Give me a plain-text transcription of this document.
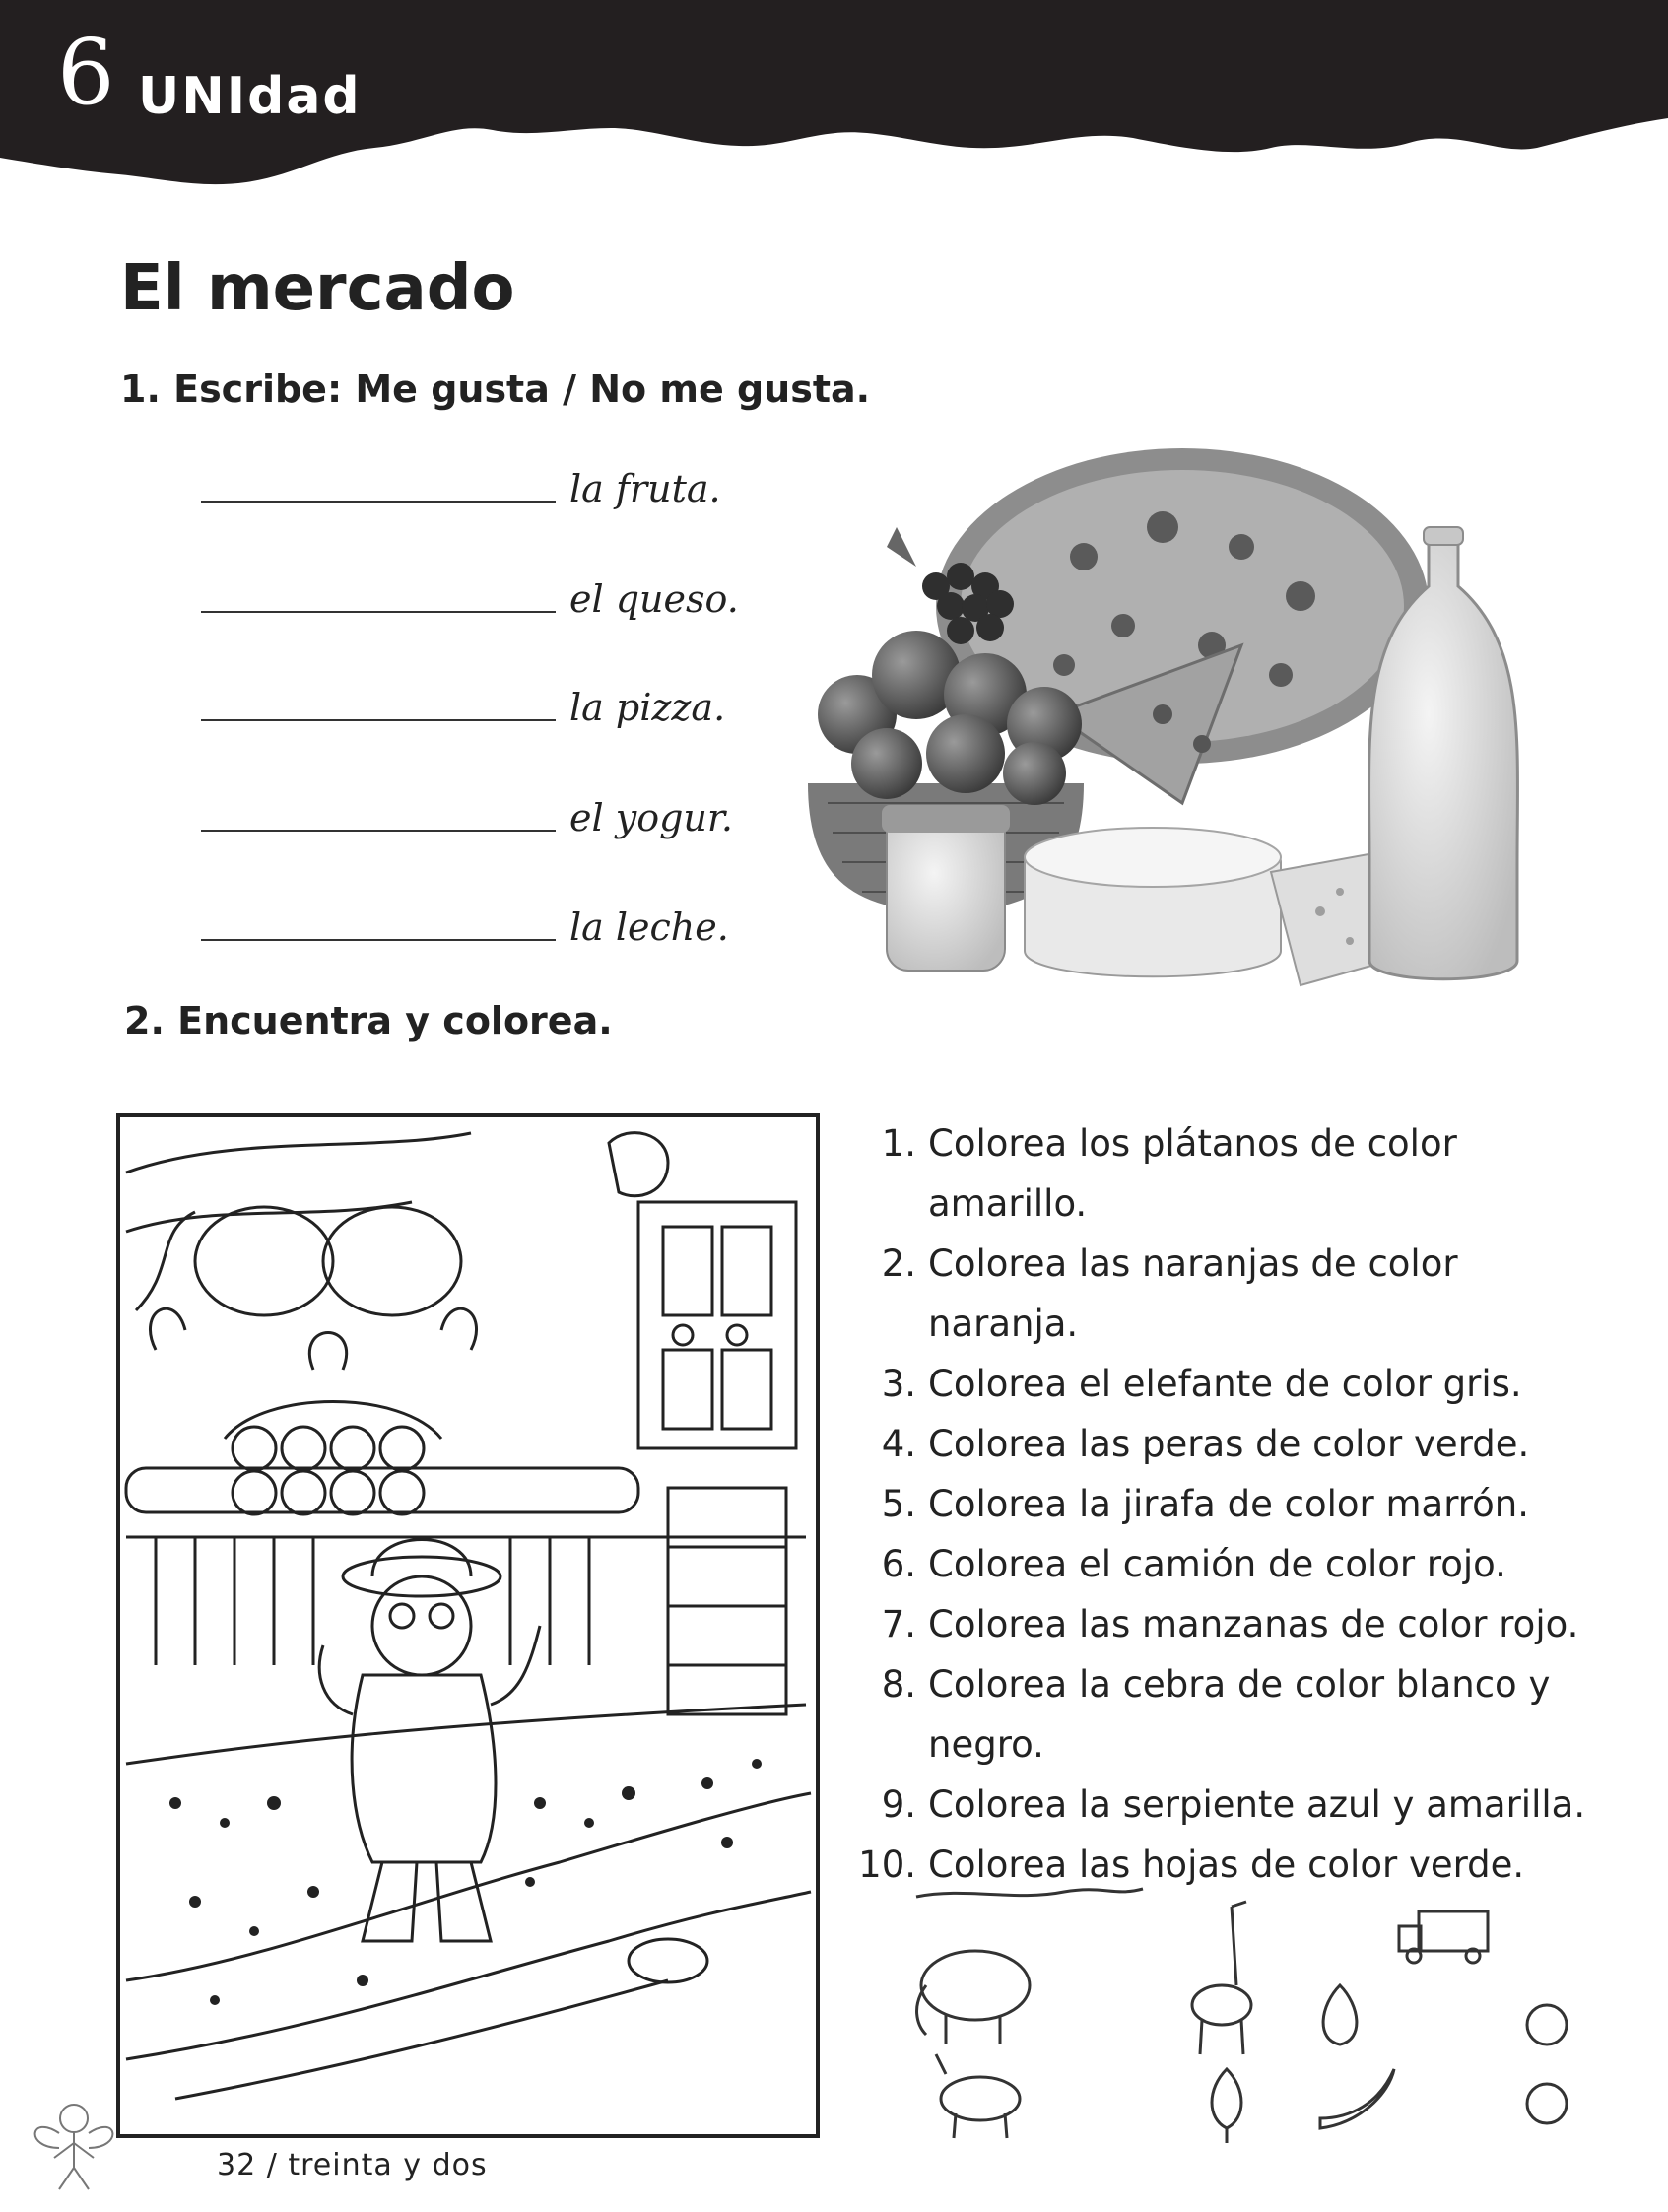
6 UNIdad
El mercado
1. Escribe: Me gusta / No me gusta.
la fruta.
el queso.
la pizza.
el yogur.
la leche.
2. Encuentra y colorea.
1. Colorea los plátanos de color amarillo.
2. Colorea las naranjas de color naranja.
3. Colorea el elefante de color gris.
4. Colorea las peras de color verde.
5. Colorea la jirafa de color marrón.
6. Colorea el camión de color rojo.
7. Colorea las manzanas de color rojo.
8. Colorea la cebra de color blanco y
negro.
9. Colorea la serpiente azul y amarilla.
10. Colorea las hojas de color verde.
32 / treinta y dos
